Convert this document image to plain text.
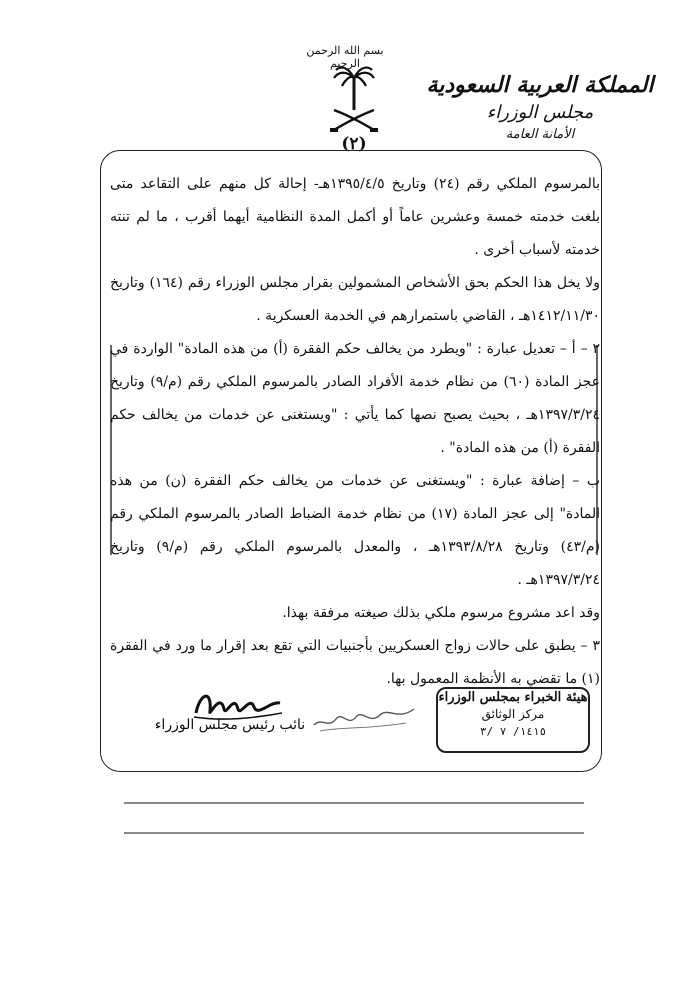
بسم الله الرحمن الرحيم
(٢)
المملكة العربية السعودية
مجلس الوزراء
الأمانة العامة

بالمرسوم الملكي رقم (٢٤) وتاريخ ١٣٩٥/٤/٥هـ- إحالة كل منهم على التقاعد متى بلغت خدمته خمسة وعشرين عاماً أو أكمل المدة النظامية أيهما أقرب ، ما لم تنته خدمته لأسباب أخرى .

ولا يخل هذا الحكم بحق الأشخاص المشمولين بقرار مجلس الوزراء رقم (١٦٤) وتاريخ ١٤١٢/١١/٣٠هـ ، القاضي باستمرارهم في الخدمة العسكرية .

٢ – أ – تعديل عبارة : "ويطرد من يخالف حكم الفقرة (أ) من هذه المادة" الواردة في عجز المادة (٦٠) من نظام خدمة الأفراد الصادر بالمرسوم الملكي رقم (م/٩) وتاريخ ١٣٩٧/٣/٢٤هـ ، بحيث يصبح نصها كما يأتي : "ويستغنى عن خدمات من يخالف حكم الفقرة (أ) من هذه المادة" .

ب – إضافة عبارة : "ويستغنى عن خدمات من يخالف حكم الفقرة (ن) من هذه المادة" إلى عجز المادة (١٧) من نظام خدمة الضباط الصادر بالمرسوم الملكي رقم (م/٤٣) وتاريخ ١٣٩٣/٨/٢٨هـ ، والمعدل بالمرسوم الملكي رقم (م/٩) وتاريخ ١٣٩٧/٣/٢٤هـ .

وقد اعد مشروع مرسوم ملكي بذلك صيغته مرفقة بهذا.

٣ – يطبق على حالات زواج العسكريين بأجنبيات التي تقع بعد إقرار ما ورد في الفقرة (١) ما تقضي به الأنظمة المعمول بها.

هيئة الخبراء بمجلس الوزراء
مركز الوثائق
١٤١٥/ ٧ /٣
نائب رئيس مجلس الوزراء
